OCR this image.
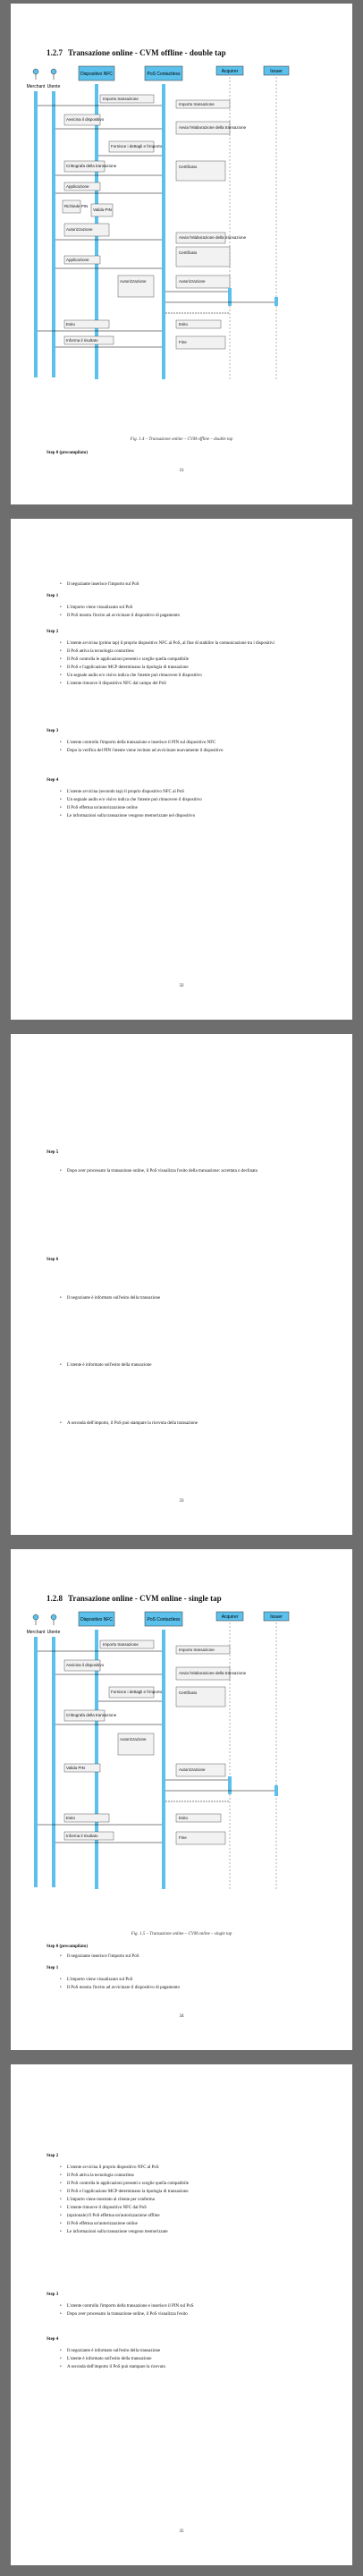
1.2.7 Transazione online - CVM offline - double tap
Merchant Utente
Dispositivo NFC	PoS Contactless	Acquirer	Issuer
Importo transazione
Importo transazione
Avvicina il dispositivo
Avvia l'elaborazione della transazione
Fornisce i dettagli e l'importo
Crittografa della transazione	Certificato
Applicazione
Richiede PIN
Valida PIN
Autorizzazione
Avvia l'elaborazione della transazione
Applicazione
Certificato
Autorizzazione	Autorizzazione
Esito	Esito
Informa il risultato	Fine
Fig. 1.4 – Transazione online – CVM offline – double tap
Step 0 (precompilato)
31
• Il negoziante inserisce l'importo sul PoS
Step 1
• L'importo viene visualizzato sul PoS
• Il PoS mostra l'invito ad avvicinare il dispositivo di pagamento
Step 2
• L'utente avvicina (primo tap) il proprio dispositivo NFC al PoS, al fine di stabilire la comunicazione tra i dispositivi
• Il PoS attiva la tecnologia contactless
• Il PoS controlla le applicazioni presenti e sceglie quella compatibile
• Il PoS e l'applicazione MCP determinano la tipologia di transazione
• Un segnale audio e/o visivo indica che l'utente può rimuovere il dispositivo
• L'utente rimuove il dispositivo NFC dal campo del PoS
Step 3
• L'utente controlla l'importo della transazione e inserisce il PIN sul dispositivo NFC
• Dopo la verifica del PIN l'utente viene invitato ad avvicinare nuovamente il dispositivo
Step 4
• L'utente avvicina (secondo tap) il proprio dispositivo NFC al PoS
• Un segnale audio e/o visivo indica che l'utente può rimuovere il dispositivo
• Il PoS effettua un'autorizzazione online
• Le informazioni sulla transazione vengono memorizzate nel dispositivo
32
Step 5
• Dopo aver processato la transazione online, il PoS visualizza l'esito della transazione: accettata o declinata
Step 6
• Il negoziante è informato sull'esito della transazione
• L'utente è informato sull'esito della transazione
• A seconda dell'importo, il PoS può stampare la ricevuta della transazione
33
1.2.8 Transazione online - CVM online - single tap
Merchant Utente
Dispositivo NFC	PoS Contactless	Acquirer	Issuer
Importo transazione
Importo transazione
Avvicina il dispositivo
Avvia l'elaborazione della transazione
Fornisce i dettagli e l'importo	Certificato
Crittografa della transazione
Autorizzazione
Valida PIN	Autorizzazione
Esito	Esito
Informa il risultato	Fine
Fig. 1.5 – Transazione online – CVM online – single tap
Step 0 (precompilato)
• Il negoziante inserisce l'importo sul PoS
Step 1
• L'importo viene visualizzato sul PoS
• Il PoS mostra l'invito ad avvicinare il dispositivo di pagamento
34
Step 2
• L'utente avvicina il proprio dispositivo NFC al PoS
• Il PoS attiva la tecnologia contactless
• Il PoS controlla le applicazioni presenti e sceglie quella compatibile
• Il PoS e l'applicazione MCP determinano la tipologia di transazione
• L'importo viene mostrato al cliente per conferma
• L'utente rimuove il dispositivo NFC dal PoS
• (opzionale) Il PoS effettua un'autorizzazione offline
• Il PoS effettua un'autorizzazione online
• Le informazioni sulla transazione vengono memorizzate
Step 3
• L'utente controlla l'importo della transazione e inserisce il PIN sul PoS
• Dopo aver processato la transazione online, il PoS visualizza l'esito
Step 4
• Il negoziante è informato sull'esito della transazione
• L'utente è informato sull'esito della transazione
• A seconda dell'importo il PoS può stampare la ricevuta
35
